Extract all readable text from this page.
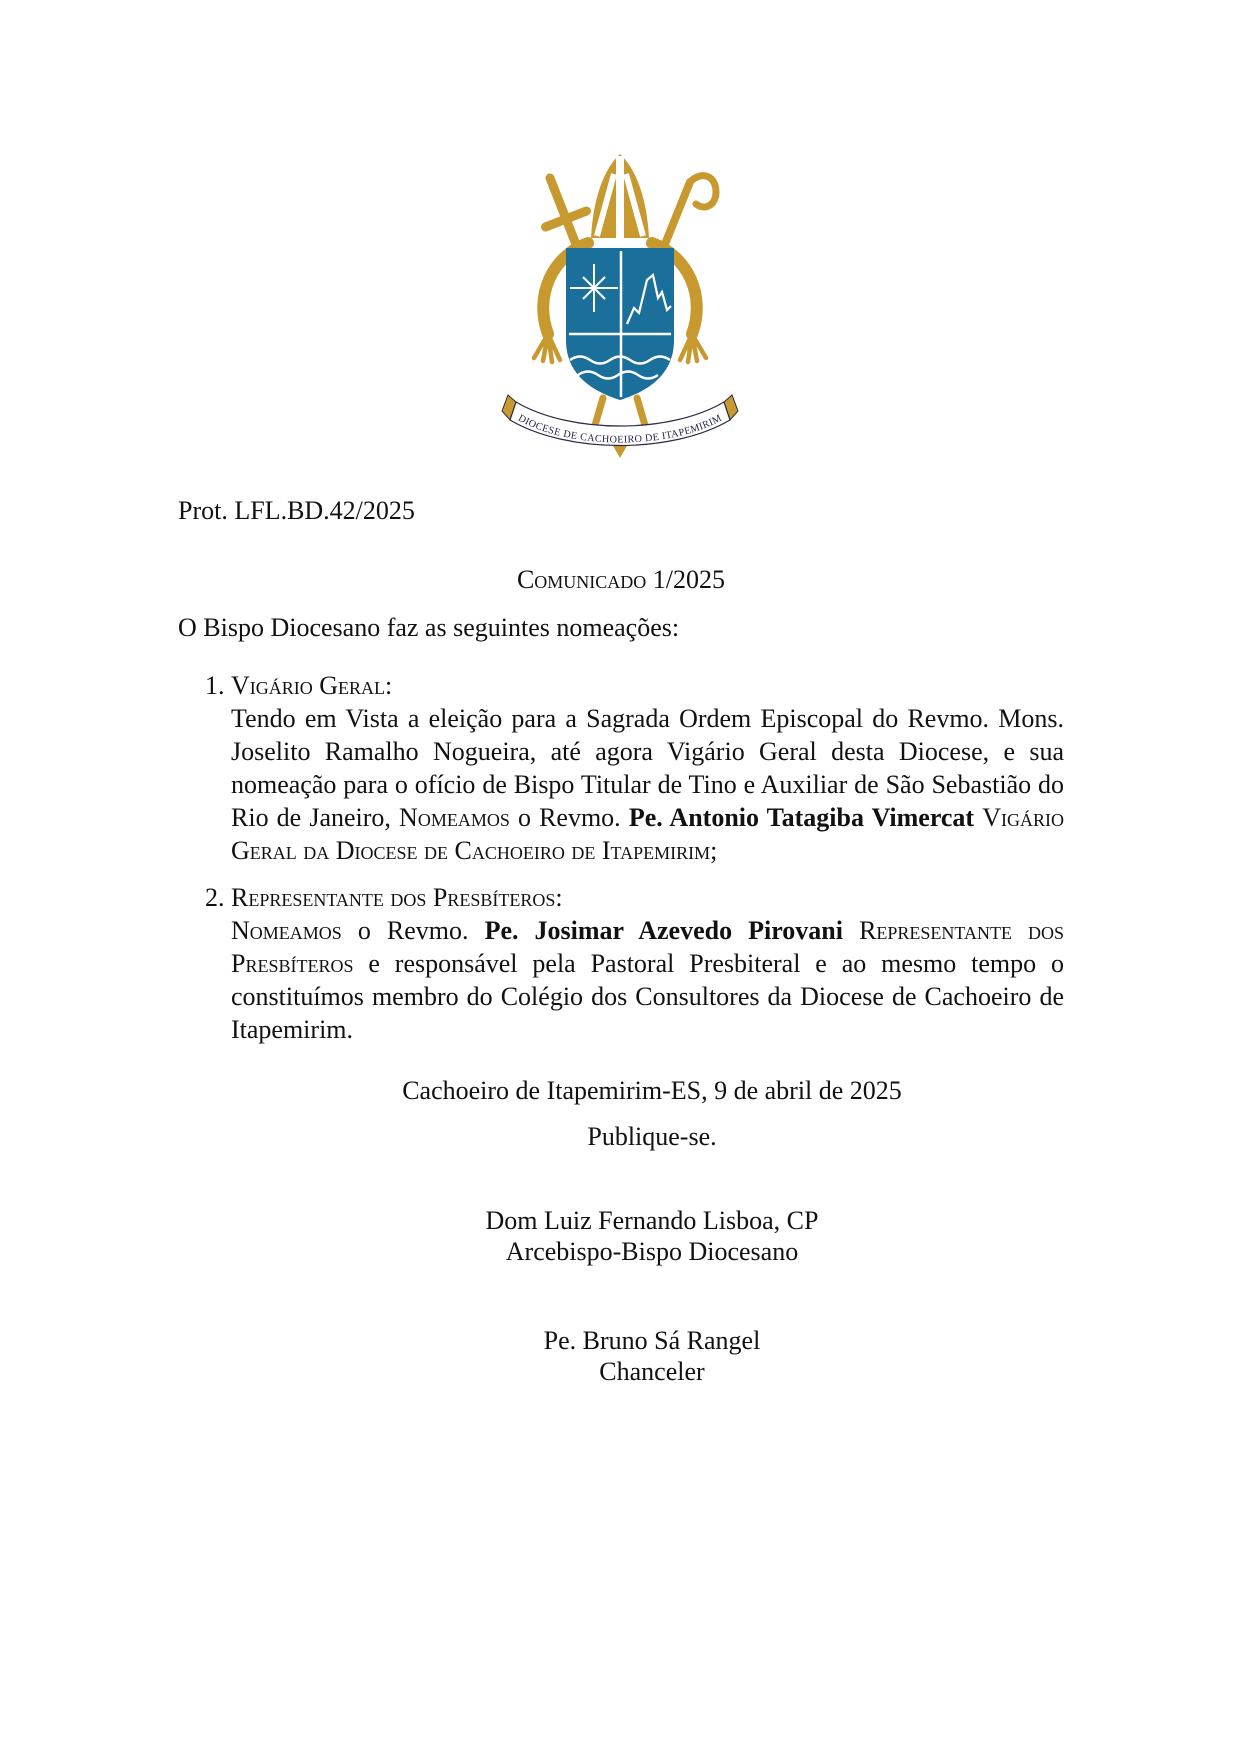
DIOCESE DE CACHOEIRO DE ITAPEMIRIM
Prot. LFL.BD.42/2025
Comunicado 1/2025
O Bispo Diocesano faz as seguintes nomeações:
1. Vigário Geral:
Tendo em Vista a eleição para a Sagrada Ordem Episcopal do Revmo. Mons. Joselito Ramalho Nogueira, até agora Vigário Geral desta Diocese, e sua nomeação para o ofício de Bispo Titular de Tino e Auxiliar de São Sebastião do Rio de Janeiro, Nomeamos o Revmo. Pe. Antonio Tatagiba Vimercat Vigário Geral da Diocese de Cachoeiro de Itapemirim;
2. Representante dos Presbíteros:
Nomeamos o Revmo. Pe. Josimar Azevedo Pirovani Representante dos Presbíteros e responsável pela Pastoral Presbiteral e ao mesmo tempo o constituímos membro do Colégio dos Consultores da Diocese de Cachoeiro de Itapemirim.
Cachoeiro de Itapemirim-ES, 9 de abril de 2025
Publique-se.
Dom Luiz Fernando Lisboa, CP
Arcebispo-Bispo Diocesano
Pe. Bruno Sá Rangel
Chanceler
